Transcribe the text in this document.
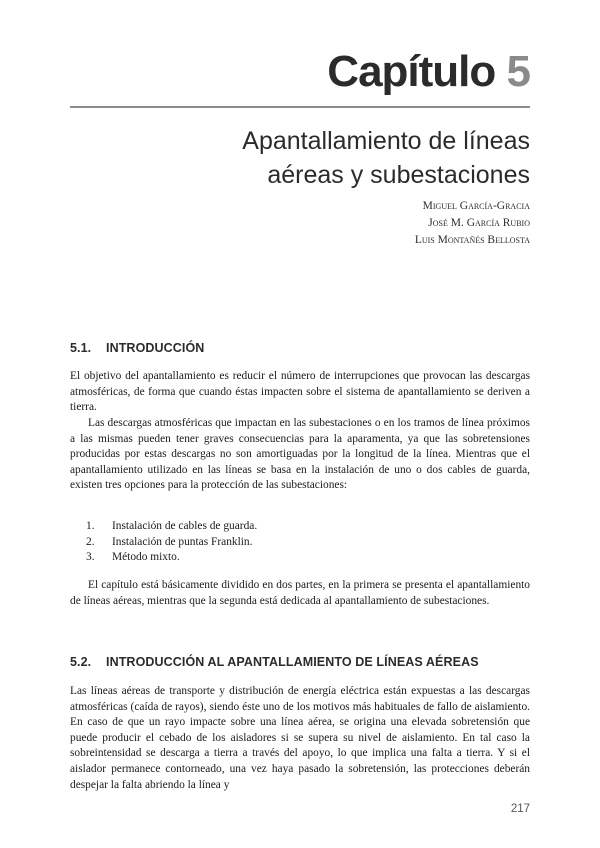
Capítulo 5
Apantallamiento de líneas
aéreas y subestaciones
Miguel García-Gracia
José M. García Rubio
Luis Montañés Bellosta
5.1. INTRODUCCIÓN

El objetivo del apantallamiento es reducir el número de interrupciones que provocan las descargas atmosféricas, de forma que cuando éstas impacten sobre el sistema de apantallamiento se deriven a tierra.

Las descargas atmosféricas que impactan en las subestaciones o en los tramos de línea próximos a las mismas pueden tener graves consecuencias para la aparamenta, ya que las sobretensiones producidas por estas descargas no son amortiguadas por la longitud de la línea. Mientras que el apantallamiento utilizado en las líneas se basa en la instalación de uno o dos cables de guarda, existen tres opciones para la protección de las subestaciones:

1.	Instalación de cables de guarda.
2.	Instalación de puntas Franklin.
3.	Método mixto.

El capítulo está básicamente dividido en dos partes, en la primera se presenta el apantallamiento de líneas aéreas, mientras que la segunda está dedicada al apantallamiento de subestaciones.

5.2. INTRODUCCIÓN AL APANTALLAMIENTO DE LÍNEAS AÉREAS

Las líneas aéreas de transporte y distribución de energía eléctrica están expuestas a las descargas atmosféricas (caída de rayos), siendo éste uno de los motivos más habituales de fallo de aislamiento. En caso de que un rayo impacte sobre una línea aérea, se origina una elevada sobretensión que puede producir el cebado de los aisladores si se supera su nivel de aislamiento. En tal caso la sobreintensidad se descarga a tierra a través del apoyo, lo que implica una falta a tierra. Y si el aislador permanece contorneado, una vez haya pasado la sobretensión, las protecciones deberán despejar la falta abriendo la línea y

217
